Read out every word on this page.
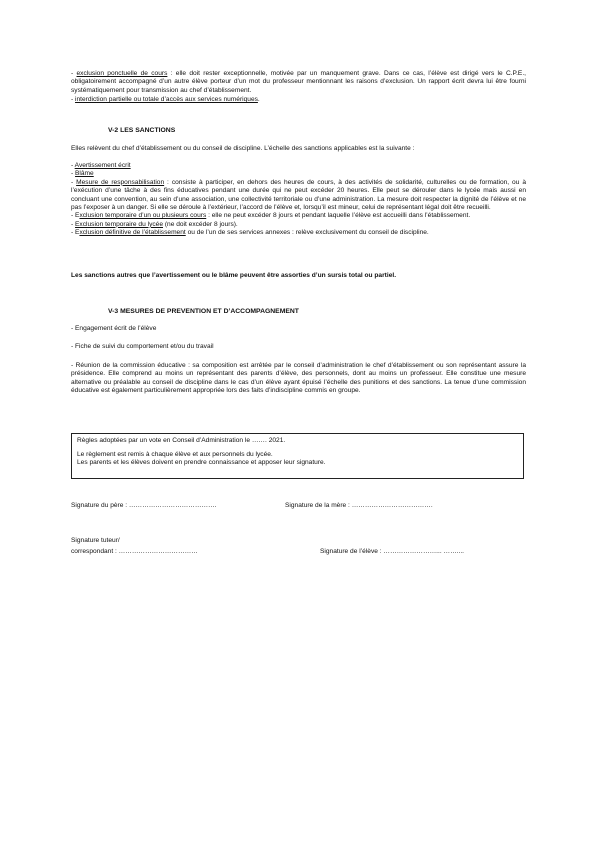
- exclusion ponctuelle de cours : elle doit rester exceptionnelle, motivée par un manquement grave. Dans ce cas, l’élève est dirigé vers le C.P.E., obligatoirement accompagné d’un autre élève porteur d’un mot du professeur mentionnant les raisons d’exclusion. Un rapport écrit devra lui être fourni systématiquement pour transmission au chef d’établissement.

- interdiction partielle ou totale d’accès aux services numériques.

V-2 LES SANCTIONS

Elles relèvent du chef d’établissement ou du conseil de discipline. L’échelle des sanctions applicables est la suivante :

- Avertissement écrit
- Blâme
- Mesure de responsabilisation : consiste à participer, en dehors des heures de cours, à des activités de solidarité, culturelles ou de formation, ou à l’exécution d’une tâche à des fins éducatives pendant une durée qui ne peut excéder 20 heures. Elle peut se dérouler dans le lycée mais aussi en concluant une convention, au sein d’une association, une collectivité territoriale ou d’une administration. La mesure doit respecter la dignité de l’élève et ne pas l’exposer à un danger. Si elle se déroule à l’extérieur, l’accord de l’élève et, lorsqu’il est mineur, celui de représentant légal doit être recueilli.
- Exclusion temporaire d’un ou plusieurs cours : elle ne peut excéder 8 jours et pendant laquelle l’élève est accueilli dans l’établissement.
- Exclusion temporaire du lycée (ne doit excéder 8 jours).
- Exclusion définitive de l’établissement ou de l’un de ses services annexes : relève exclusivement du conseil de discipline.

Les sanctions autres que l’avertissement ou le blâme peuvent être assorties d’un sursis total ou partiel.

V-3 MESURES DE PREVENTION ET D’ACCOMPAGNEMENT

- Engagement écrit de l’élève

- Fiche de suivi du comportement et/ou du travail

- Réunion de la commission éducative : sa composition est arrêtée par le conseil d’administration le chef d’établissement ou son représentant assure la présidence. Elle comprend au moins un représentant des parents d’élève, des personnels, dont au moins un professeur. Elle constitue une mesure alternative ou préalable au conseil de discipline dans le cas d’un élève ayant épuisé l’échelle des punitions et des sanctions. La tenue d’une commission éducative est également particulièrement appropriée lors des faits d’indiscipline commis en groupe.

Règles adoptées par un vote en Conseil d’Administration le ……. 2021.
Le règlement est remis à chaque élève et aux personnels du lycée.
Les parents et les élèves doivent en prendre connaissance et apposer leur signature.

Signature du père : ………………………………….	Signature de la mère : ……………………………….

Signature tuteur/

correspondant : ………………………………	Signature de l’élève : ……………………... ……....
